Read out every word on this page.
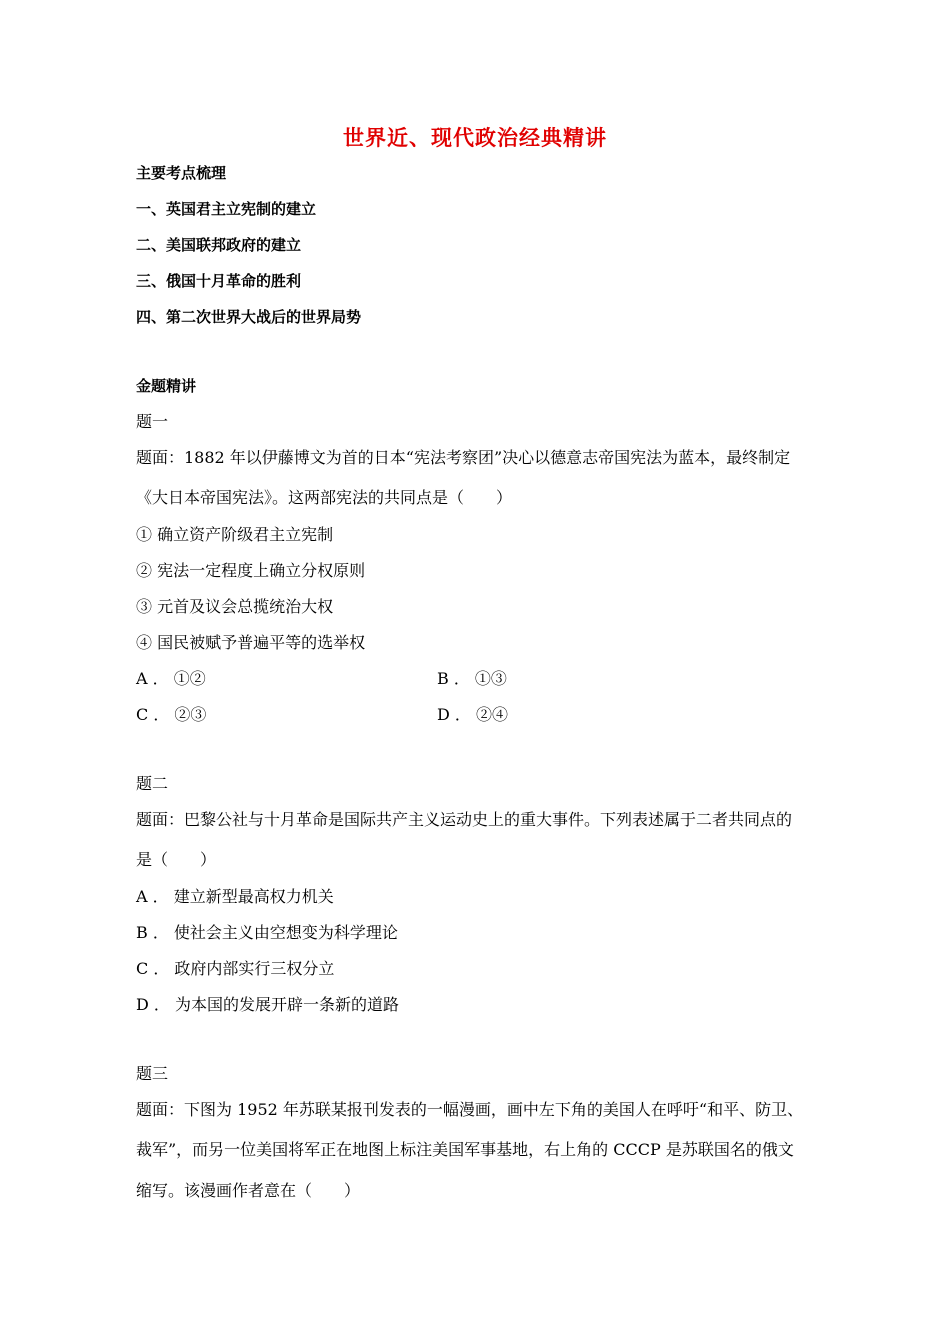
世界近、现代政治经典精讲
主要考点梳理
一、英国君主立宪制的建立
二、美国联邦政府的建立
三、俄国十月革命的胜利
四、第二次世界大战后的世界局势
金题精讲
题一
题面：1882 年以伊藤博文为首的日本“宪法考察团”决心以德意志帝国宪法为蓝本，最终制定
《大日本帝国宪法》。这两部宪法的共同点是（　　）
① 确立资产阶级君主立宪制
② 宪法一定程度上确立分权原则
③ 元首及议会总揽统治大权
④ 国民被赋予普遍平等的选举权
A ． ①②	B ． ①③
C ． ②③	D ． ②④
题二
题面：巴黎公社与十月革命是国际共产主义运动史上的重大事件。下列表述属于二者共同点的
是（　　）
A ． 建立新型最高权力机关
B ． 使社会主义由空想变为科学理论
C ． 政府内部实行三权分立
D ． 为本国的发展开辟一条新的道路
题三
题面：下图为 1952 年苏联某报刊发表的一幅漫画，画中左下角的美国人在呼吁“和平、防卫、
裁军”，而另一位美国将军正在地图上标注美国军事基地，右上角的 CCCP 是苏联国名的俄文
缩写。该漫画作者意在（　　）
